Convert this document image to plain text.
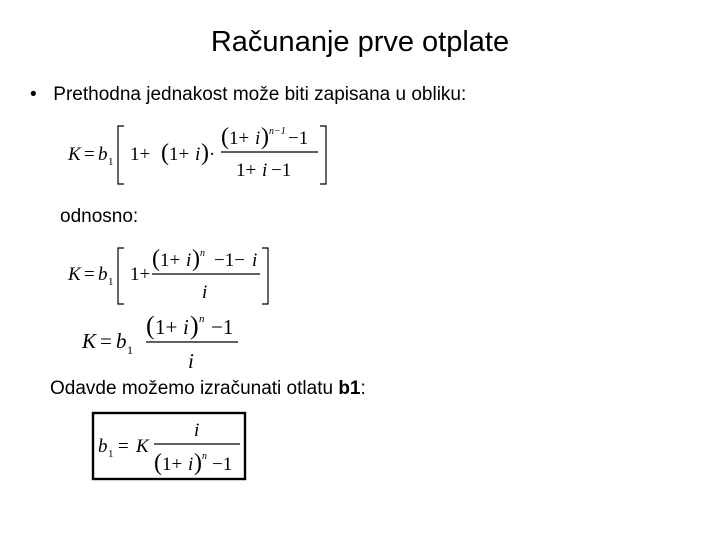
Računanje prve otplate
• Prethodna jednakost može biti zapisana u obliku:
K = b 1 1+ ( 1+ i ) ·
( 1+ i ) n−1 −1
1+ i −1
odnosno:
K = b 1 1+
( 1+ i ) n −1− i
i
K = b 1
( 1+ i ) n −1
i
Odavde možemo izračunati otlatu b1:
b 1 = K
i
( 1+ i ) n −1
